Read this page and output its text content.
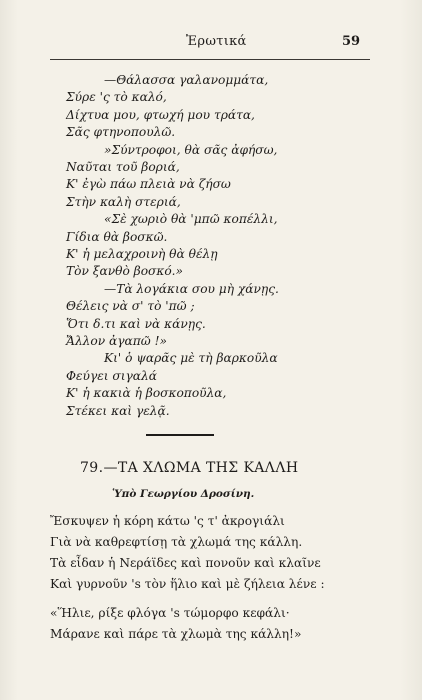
Ἐρωτικά	59
—Θάλασσα γαλανομμάτα,
Σύρε 'ς τὸ καλό,
Δίχτυα μου, φτωχή μου τράτα,
Σᾶς φτηνοπουλῶ.
»Σύντροφοι, θὰ σᾶς ἀφήσω,
Ναῦται τοῦ βοριά,
Κ' ἐγὼ πάω πλειὰ νὰ ζήσω
Στὴν καλὴ στεριά,
«Σὲ χωριὸ θὰ 'μπῶ κοπέλλι,
Γίδια θὰ βοσκῶ.
Κ' ἡ μελαχροινὴ θὰ θέλῃ
Τὸν ξανθὸ βοσκό.»
—Τὰ λογάκια σου μὴ χάνῃς.
Θέλεις νὰ σ' τὸ 'πῶ ;
Ὅτι δ.τι καὶ νὰ κάνῃς.
Ἄλλον ἀγαπῶ !»
Κι' ὁ ψαρᾶς μὲ τὴ βαρκοῦλα
Φεύγει σιγαλά
Κ' ἡ κακιὰ ἡ βοσκοποῦλα,
Στέκει καὶ γελᾷ.
79.—ΤΑ ΧΛΩΜΑ ΤΗΣ ΚΑΛΛΗ
Ὑπὸ Γεωργίου Δροσίνη.
Ἔσκυψεν ἡ κόρη κάτω 'ς τ' ἀκρογιάλι
Γιὰ νὰ καθρεφτίσῃ τὰ χλωμά της κάλλη.
Τὰ εἶδαν ἡ Νεράϊδες καὶ πονοῦν καὶ κλαῖνε
Καὶ γυρνοῦν 's τὸν ἥλιο καὶ μὲ ζήλεια λένε :
«Ἥλιε, ρίξε φλόγα 's τώμορφο κεφάλι·
Μάρανε καὶ πάρε τὰ χλωμὰ της κάλλη!»
